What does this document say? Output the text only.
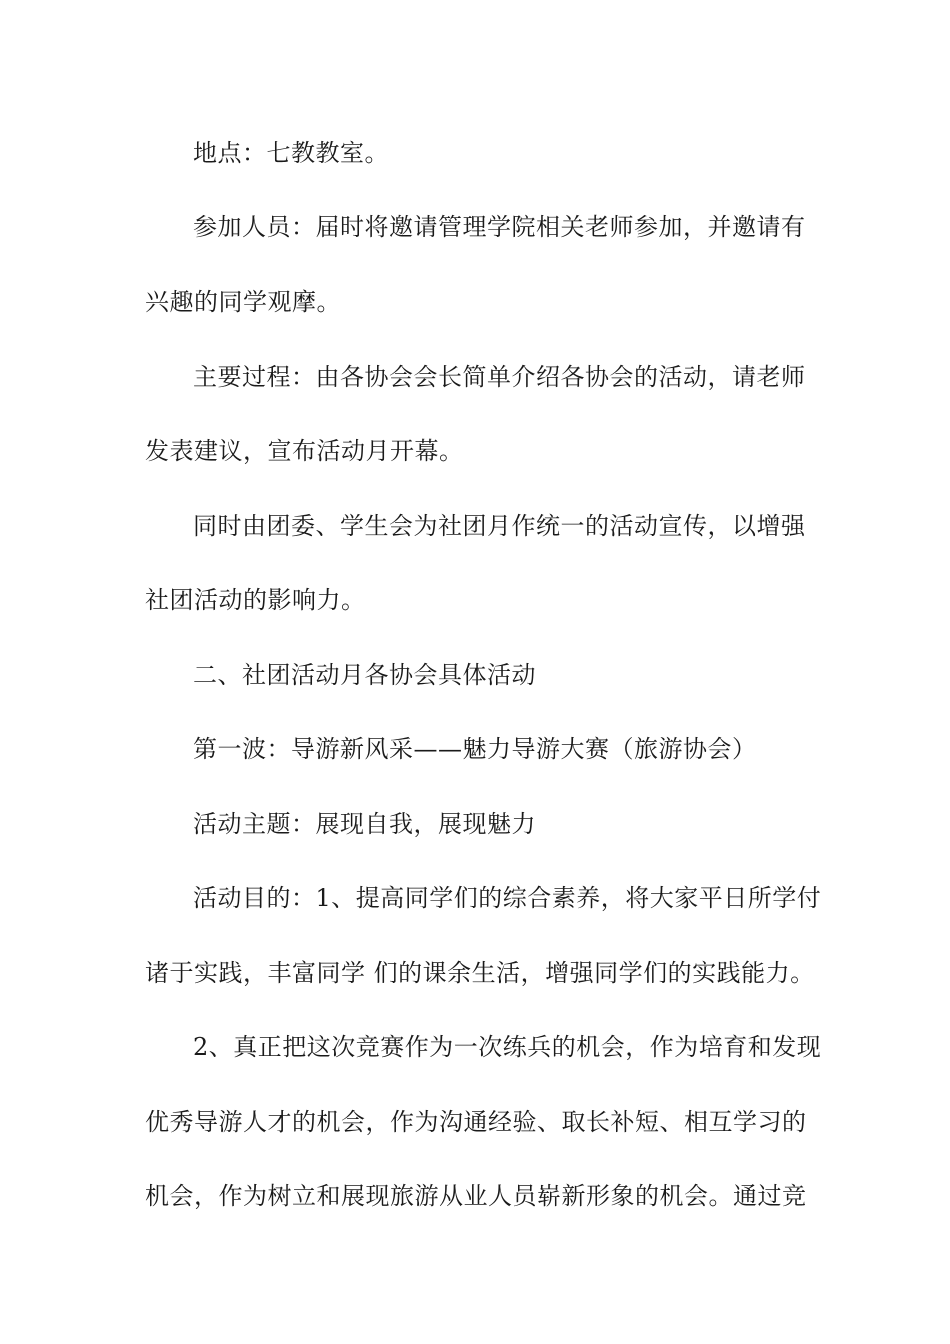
地点：七教教室。
参加人员：届时将邀请管理学院相关老师参加，并邀请有
兴趣的同学观摩。
主要过程：由各协会会长简单介绍各协会的活动，请老师
发表建议，宣布活动月开幕。
同时由团委、学生会为社团月作统一的活动宣传，以增强
社团活动的影响力。
二、社团活动月各协会具体活动
第一波：导游新风采——魅力导游大赛（旅游协会）
活动主题：展现自我，展现魅力
活动目的：1、提高同学们的综合素养，将大家平日所学付
诸于实践，丰富同学 们的课余生活，增强同学们的实践能力。
2、真正把这次竞赛作为一次练兵的机会，作为培育和发现
优秀导游人才的机会，作为沟通经验、取长补短、相互学习的
机会，作为树立和展现旅游从业人员崭新形象的机会。通过竞
